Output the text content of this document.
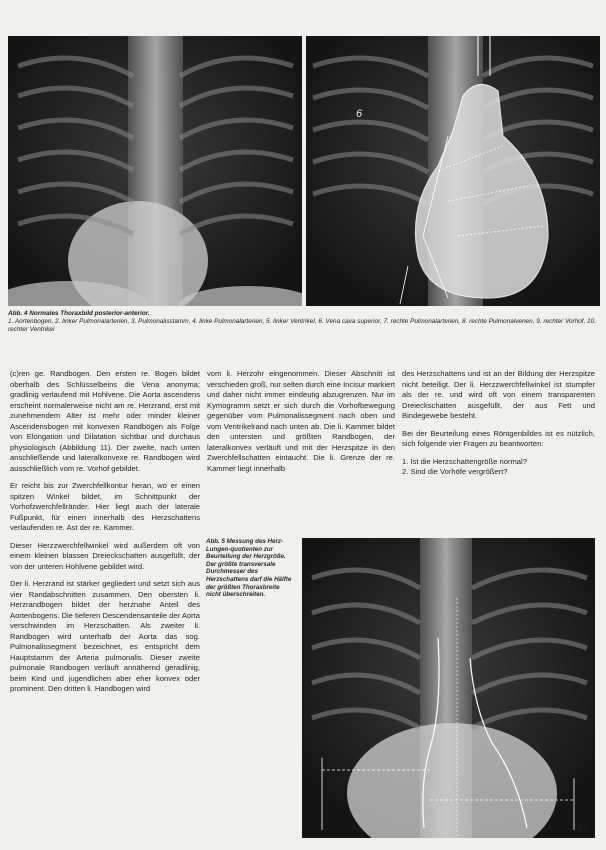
6
Abb. 4 Normales Thoraxbild posterior-anterior.
1. Aortenbogen, 2. linker Pulmonalarterien, 3. Pulmonalisstamm, 4. linke Pulmonalarterien, 5. linker Ventrikel, 6. Vena cava superior, 7. rechte Pulmonalarterien, 8. rechte Pulmonalvenen, 9. rechter Vorhof, 10. rechter Ventrikel

(c)ren ge. Randbogen. Den ersten re. Bogen bildet oberhalb des Schlüsselbeins die Vena anonyma; gradlinig verlaufend mit Hohlvene. Die Aorta ascendens erscheint normalerweise nicht am re. Herzrand, erst mit zunehmendem Alter ist mehr oder minder kleiner Ascendensbogen mit konvexen Randbögen als Folge von Elongation und Dilatation sichtbar und durchaus physiologisch (Abbildung 11). Der zweite, nach unten anschließende und lateralkonvexe re. Randbogen wird ausschließlich vom re. Vorhof gebildet.

Er reicht bis zur Zwerchfellkontur heran, wo er einen spitzen Winkel bildet, im Schnittpunkt der Vorhofzwerchfellränder. Hier liegt auch der laterale Fußpunkt, für einen innerhalb des Herzschattens verlaufenden re. Ast der re. Kammer.

Dieser Herzzwerchfellwinkel wird außerdem oft von einem kleinen blassen Dreieckschatten ausgefüllt, der von der unteren Hohlvene gebildet wird.

Der li. Herzrand ist stärker gegliedert und setzt sich aus vier Randabschnitten zusammen. Den obersten li. Herzrandbogen bildet der herznahe Anteil des Aortenbogens. Die tieferen Descendensanteile der Aorta verschwinden im Herzschatten. Als zweiter li. Randbogen wird unterhalb der Aorta das sog. Pulmonalissegment bezeichnet, es entspricht dem Hauptstamm der Arteria pulmonalis. Dieser zweite pulmonale Randbogen verläuft annähernd geradlinig, beim Kind und jugendlichen aber eher konvex oder prominent. Den dritten li. Handbogen wird

vom li. Herzohr eingenommen. Dieser Abschnitt ist verschieden groß, nur selten durch eine Incisur markiert und daher nicht immer eindeutig abzugrenzen. Nur im Kymogramm setzt er sich durch die Vorhofbewegung gegenüber vom Pulmonalissegment nach oben und vom Ventrikelrand nach unten ab. Die li. Kammer bildet den untersten und größten Randbogen, der lateralkonvex verläuft und mit der Herzspitze in den Zwerchfellschatten eintaucht. Die li. Grenze der re. Kammer liegt innerhalb

des Herzschattens und ist an der Bildung der Herzspitze nicht beteiligt. Der li. Herzzwerchfellwinkel ist stumpfer als der re. und wird oft von einem transparenten Dreieckschatten ausgefüllt, der aus Fett und Bindegewebe besteht.

Bei der Beurteilung eines Röntgenbildes ist es nützlich, sich folgende vier Fragen zu beantworten:

1. Ist die Herzschattengröße normal?

2. Sind die Vorhöfe vergrößert?

Abb. 5 Messung des Herz-Lungen-quotienten zur Beurteilung der Herzgröße. Der größte transversale Durchmesser des Herzschattens darf die Hälfte der größten Thoraxbreite nicht überschreiten.
27
